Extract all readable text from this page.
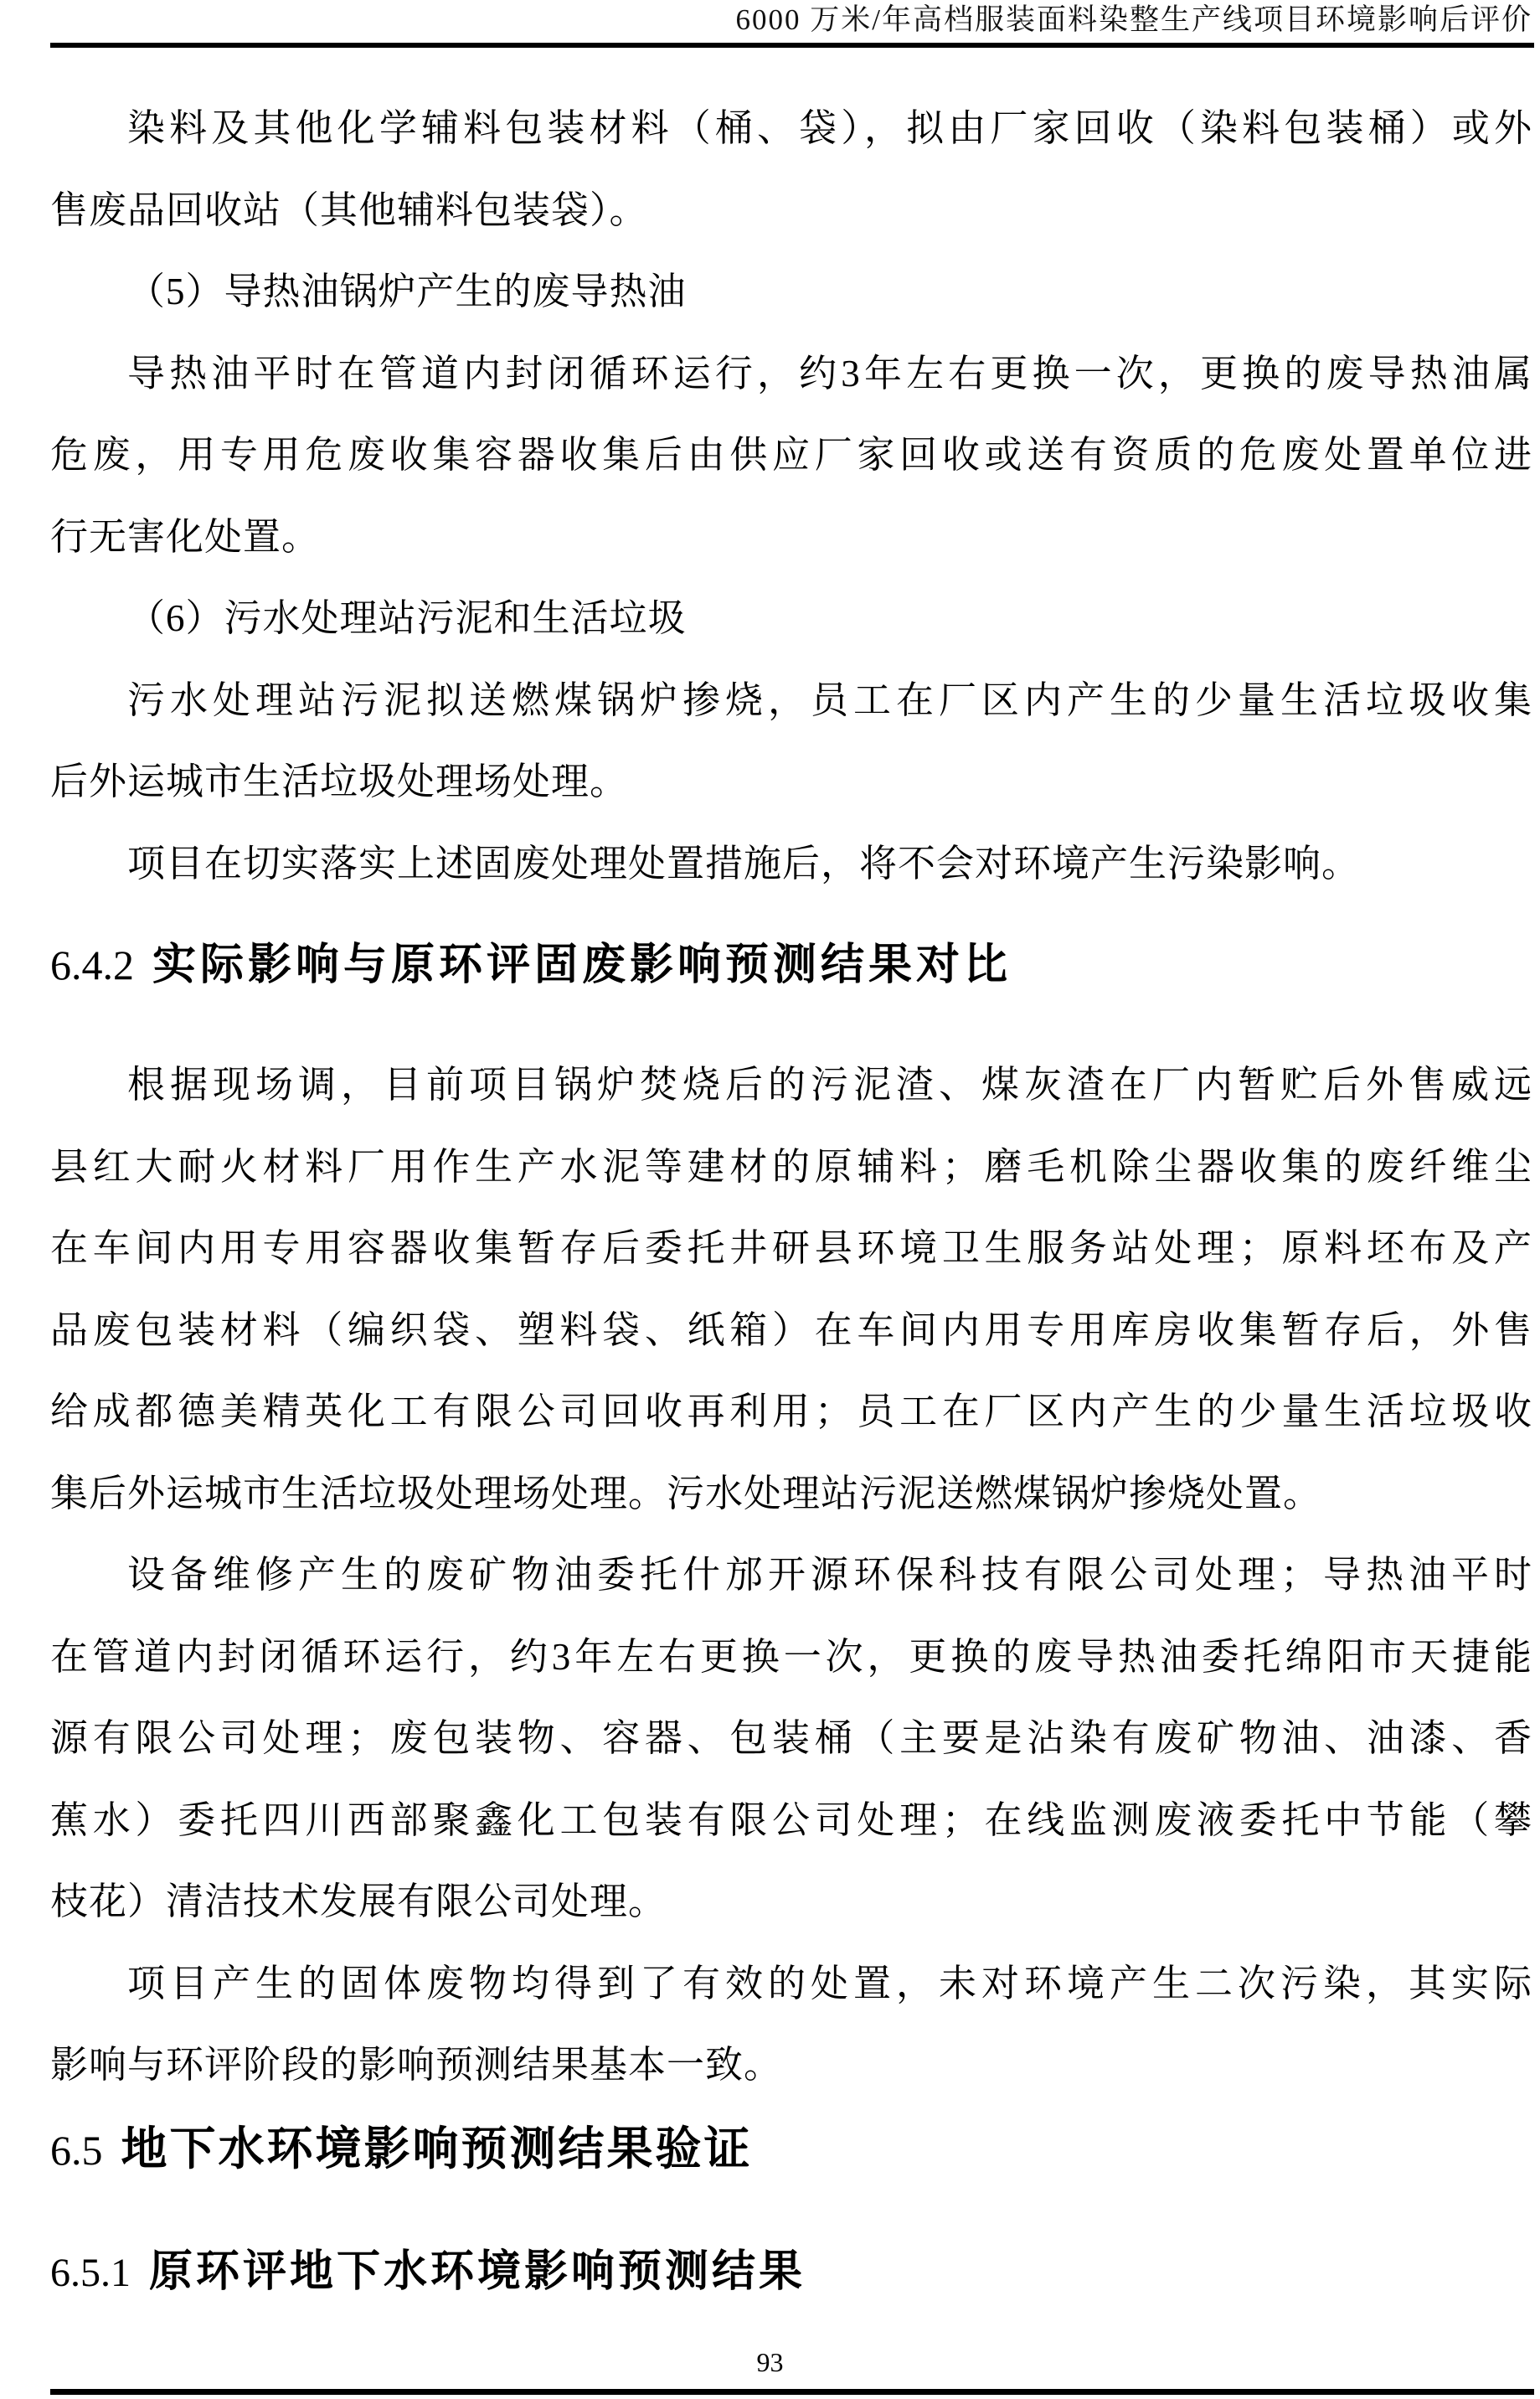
6000 万米/年高档服装面料染整生产线项目环境影响后评价
染料及其他化学辅料包装材料（桶、袋），拟由厂家回收（染料包装桶）或外
售废品回收站（其他辅料包装袋）。
（5）导热油锅炉产生的废导热油
导热油平时在管道内封闭循环运行，约3年左右更换一次，更换的废导热油属
危废，用专用危废收集容器收集后由供应厂家回收或送有资质的危废处置单位进
行无害化处置。
（6）污水处理站污泥和生活垃圾
污水处理站污泥拟送燃煤锅炉掺烧，员工在厂区内产生的少量生活垃圾收集
后外运城市生活垃圾处理场处理。
项目在切实落实上述固废处理处置措施后，将不会对环境产生污染影响。
6.4.2 实际影响与原环评固废影响预测结果对比
根据现场调，目前项目锅炉焚烧后的污泥渣、煤灰渣在厂内暂贮后外售威远
县红大耐火材料厂用作生产水泥等建材的原辅料；磨毛机除尘器收集的废纤维尘
在车间内用专用容器收集暂存后委托井研县环境卫生服务站处理；原料坯布及产
品废包装材料（编织袋、塑料袋、纸箱）在车间内用专用库房收集暂存后，外售
给成都德美精英化工有限公司回收再利用；员工在厂区内产生的少量生活垃圾收
集后外运城市生活垃圾处理场处理。污水处理站污泥送燃煤锅炉掺烧处置。
设备维修产生的废矿物油委托什邡开源环保科技有限公司处理；导热油平时
在管道内封闭循环运行，约3年左右更换一次，更换的废导热油委托绵阳市天捷能
源有限公司处理；废包装物、容器、包装桶（主要是沾染有废矿物油、油漆、香
蕉水）委托四川西部聚鑫化工包装有限公司处理；在线监测废液委托中节能（攀
枝花）清洁技术发展有限公司处理。
项目产生的固体废物均得到了有效的处置，未对环境产生二次污染，其实际
影响与环评阶段的影响预测结果基本一致。
6.5 地下水环境影响预测结果验证
6.5.1 原环评地下水环境影响预测结果
93
